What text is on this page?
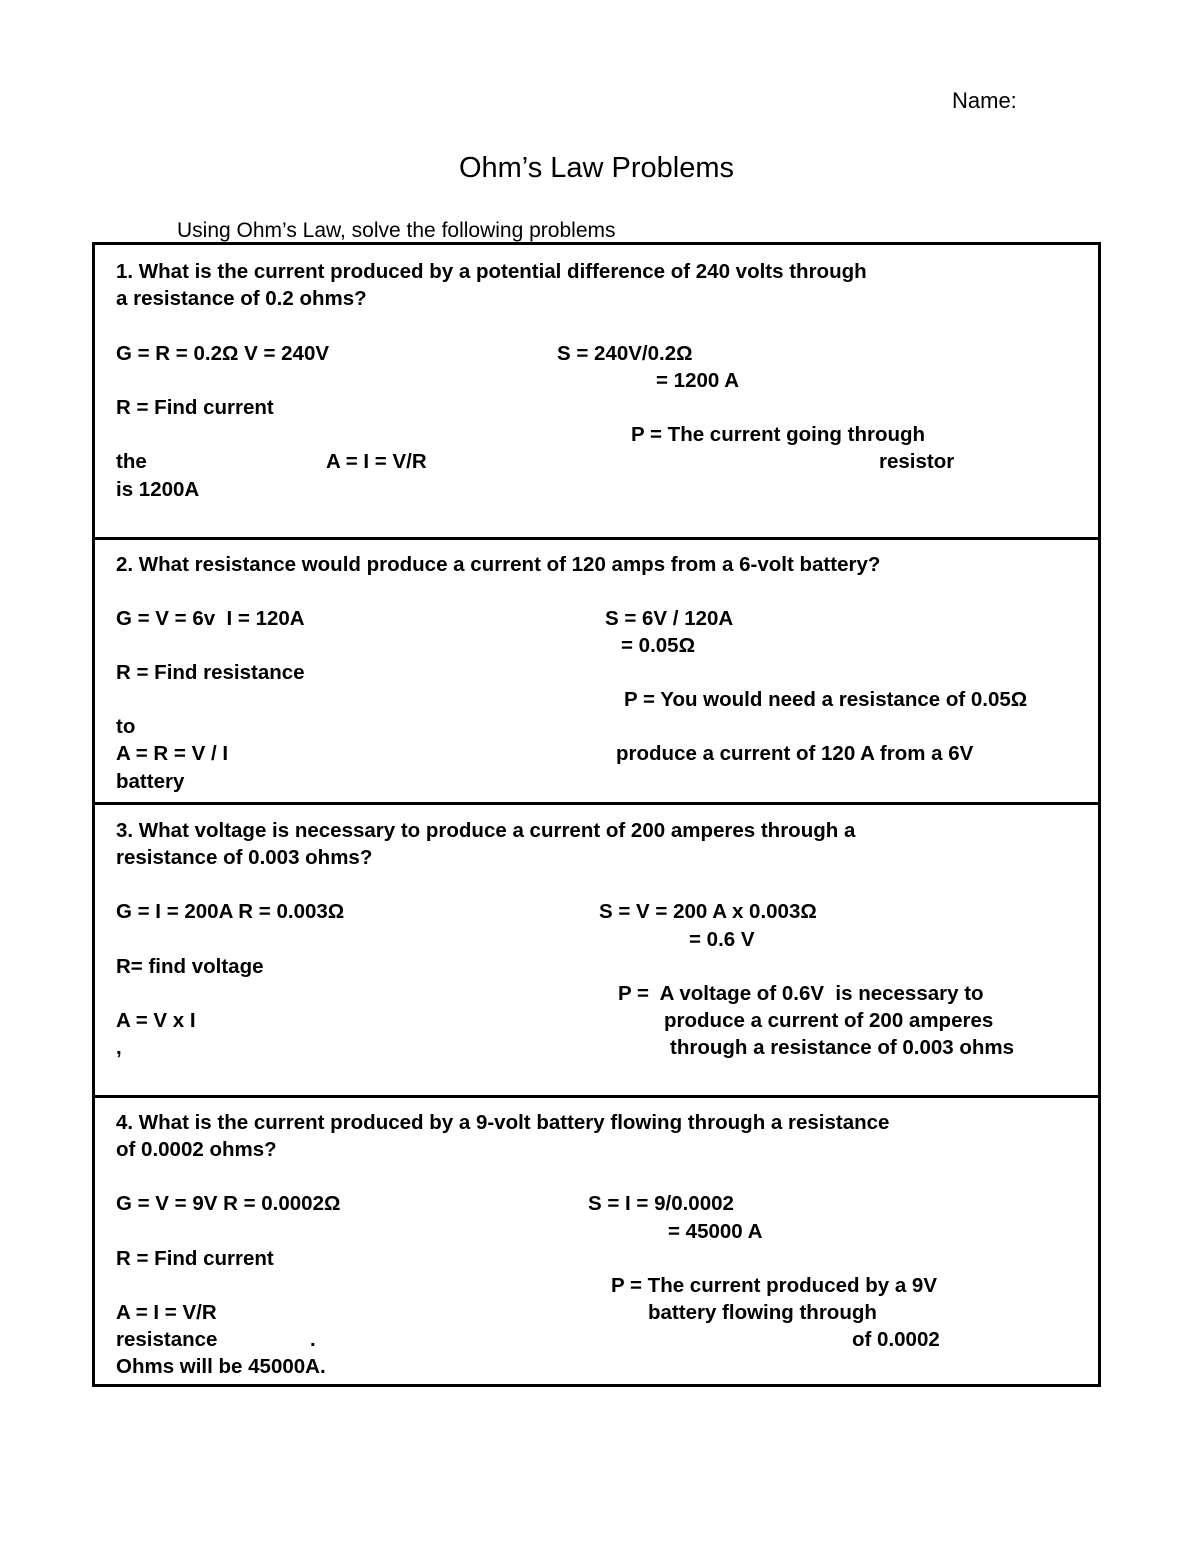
Name:
Ohm’s Law Problems
Using Ohm’s Law, solve the following problems
1. What is the current produced by a potential difference of 240 volts through
a resistance of 0.2 ohms?
G = R = 0.2Ω V = 240V	S = 240V/0.2Ω
= 1200 A
R = Find current
P = The current going through
the	A = I = V/R	resistor
is 1200A
2. What resistance would produce a current of 120 amps from a 6-volt battery?
G = V = 6v  I = 120A	S = 6V / 120A
= 0.05Ω
R = Find resistance
P = You would need a resistance of 0.05Ω
to
A = R = V / I	produce a current of 120 A from a 6V
battery
3. What voltage is necessary to produce a current of 200 amperes through a
resistance of 0.003 ohms?
G = I = 200A R = 0.003Ω	S = V = 200 A x 0.003Ω
= 0.6 V
R= find voltage
P =  A voltage of 0.6V  is necessary to
A = V x I	produce a current of 200 amperes
,	through a resistance of 0.003 ohms
4. What is the current produced by a 9-volt battery flowing through a resistance
of 0.0002 ohms?
G = V = 9V R = 0.0002Ω	S = I = 9/0.0002
= 45000 A
R = Find current
P = The current produced by a 9V
A = I = V/R	battery flowing through
resistance	.	of 0.0002
Ohms will be 45000A.
